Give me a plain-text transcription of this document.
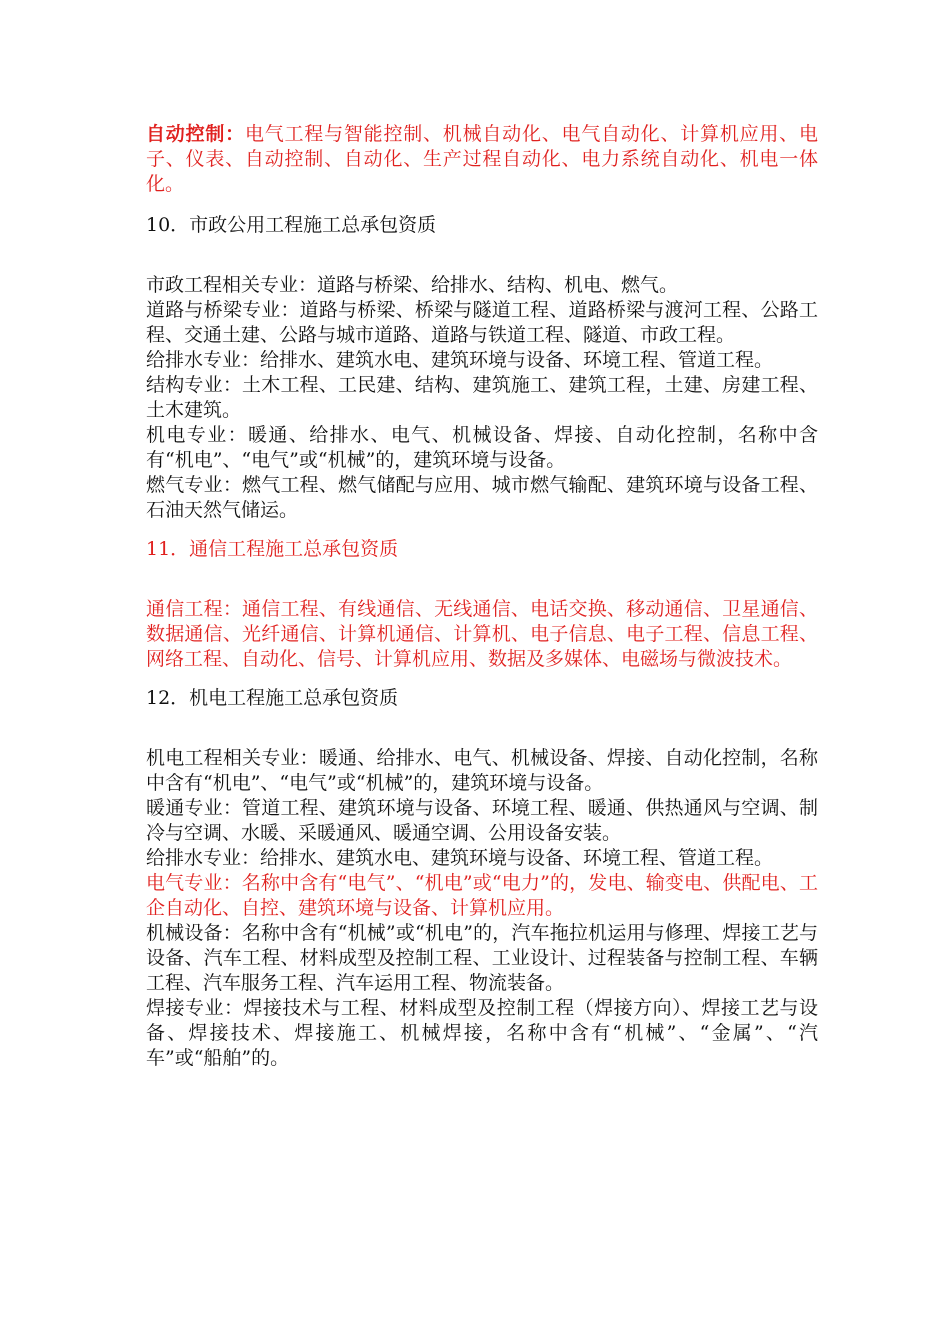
自动控制：电气工程与智能控制、机械自动化、电气自动化、计算机应用、电子、仪表、自动控制、自动化、生产过程自动化、电力系统自动化、机电一体化。

10．市政公用工程施工总承包资质

市政工程相关专业：道路与桥梁、给排水、结构、机电、燃气。

道路与桥梁专业：道路与桥梁、桥梁与隧道工程、道路桥梁与渡河工程、公路工程、交通土建、公路与城市道路、道路与铁道工程、隧道、市政工程。

给排水专业：给排水、建筑水电、建筑环境与设备、环境工程、管道工程。

结构专业：土木工程、工民建、结构、建筑施工、建筑工程，土建、房建工程、土木建筑。

机电专业：暖通、给排水、电气、机械设备、焊接、自动化控制，名称中含有“机电”、“电气”或“机械”的，建筑环境与设备。

燃气专业：燃气工程、燃气储配与应用、城市燃气输配、建筑环境与设备工程、石油天然气储运。

11．通信工程施工总承包资质

通信工程：通信工程、有线通信、无线通信、电话交换、移动通信、卫星通信、数据通信、光纤通信、计算机通信、计算机、电子信息、电子工程、信息工程、网络工程、自动化、信号、计算机应用、数据及多媒体、电磁场与微波技术。

12．机电工程施工总承包资质

机电工程相关专业：暖通、给排水、电气、机械设备、焊接、自动化控制，名称中含有“机电”、“电气”或“机械”的，建筑环境与设备。

暖通专业：管道工程、建筑环境与设备、环境工程、暖通、供热通风与空调、制冷与空调、水暖、采暖通风、暖通空调、公用设备安装。

给排水专业：给排水、建筑水电、建筑环境与设备、环境工程、管道工程。

电气专业：名称中含有“电气”、“机电”或“电力”的，发电、输变电、供配电、工企自动化、自控、建筑环境与设备、计算机应用。

机械设备：名称中含有“机械”或“机电”的，汽车拖拉机运用与修理、焊接工艺与设备、汽车工程、材料成型及控制工程、工业设计、过程装备与控制工程、车辆工程、汽车服务工程、汽车运用工程、物流装备。

焊接专业：焊接技术与工程、材料成型及控制工程（焊接方向）、焊接工艺与设备、焊接技术、焊接施工、机械焊接，名称中含有“机械”、“金属”、“汽车”或“船舶”的。
